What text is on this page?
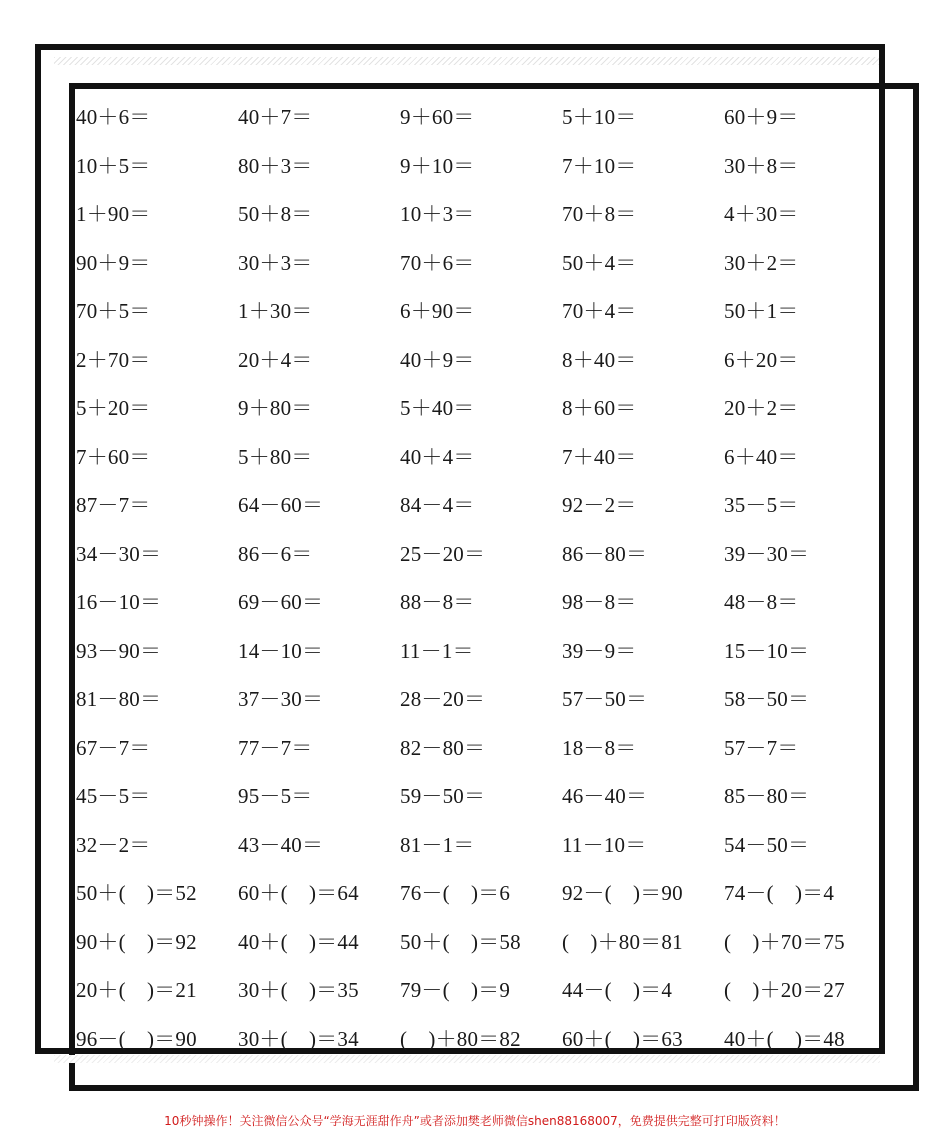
40＋6＝	40＋7＝	9＋60＝	5＋10＝	60＋9＝
10＋5＝	80＋3＝	9＋10＝	7＋10＝	30＋8＝
1＋90＝	50＋8＝	10＋3＝	70＋8＝	4＋30＝
90＋9＝	30＋3＝	70＋6＝	50＋4＝	30＋2＝
70＋5＝	1＋30＝	6＋90＝	70＋4＝	50＋1＝
2＋70＝	20＋4＝	40＋9＝	8＋40＝	6＋20＝
5＋20＝	9＋80＝	5＋40＝	8＋60＝	20＋2＝
7＋60＝	5＋80＝	40＋4＝	7＋40＝	6＋40＝
87－7＝	64－60＝	84－4＝	92－2＝	35－5＝
34－30＝	86－6＝	25－20＝	86－80＝	39－30＝
16－10＝	69－60＝	88－8＝	98－8＝	48－8＝
93－90＝	14－10＝	11－1＝	39－9＝	15－10＝
81－80＝	37－30＝	28－20＝	57－50＝	58－50＝
67－7＝	77－7＝	82－80＝	18－8＝	57－7＝
45－5＝	95－5＝	59－50＝	46－40＝	85－80＝
32－2＝	43－40＝	81－1＝	11－10＝	54－50＝
50＋(　)＝52	60＋(　)＝64	76－(　)＝6	92－(　)＝90	74－(　)＝4
90＋(　)＝92	40＋(　)＝44	50＋(　)＝58	(　)＋80＝81	(　)＋70＝75
20＋(　)＝21	30＋(　)＝35	79－(　)＝9	44－(　)＝4	(　)＋20＝27
96－(　)＝90	30＋(　)＝34	(　)＋80＝82	60＋(　)＝63	40＋(　)＝48
10秒钟操作！关注微信公众号“学海无涯甜作舟”或者添加樊老师微信shen88168007，免费提供完整可打印版资料！
